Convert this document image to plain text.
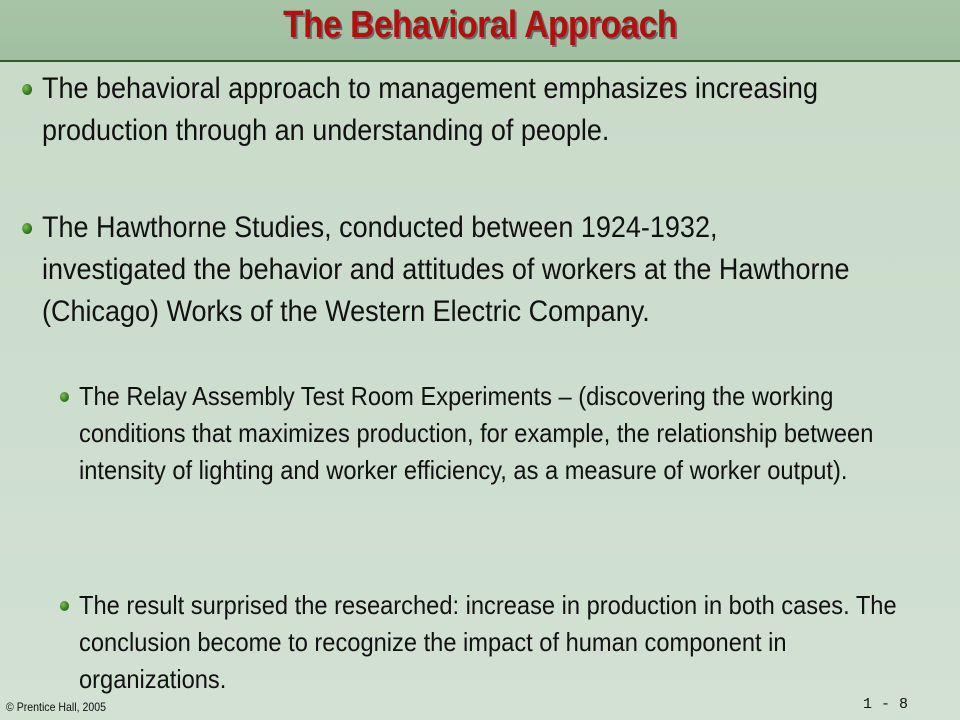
The Behavioral Approach
The behavioral approach to management emphasizes increasing production through an understanding of people.
The Hawthorne Studies, conducted between 1924-1932, investigated the behavior and attitudes of workers at the Hawthorne (Chicago) Works of the Western Electric Company.
The Relay Assembly Test Room Experiments – (discovering the working conditions that maximizes production, for example, the relationship between intensity of lighting and worker efficiency, as a measure of worker output).
The result surprised the researched: increase in production in both cases. The conclusion become to recognize the impact of human component in organizations.
© Prentice Hall, 2005	1 - 8
